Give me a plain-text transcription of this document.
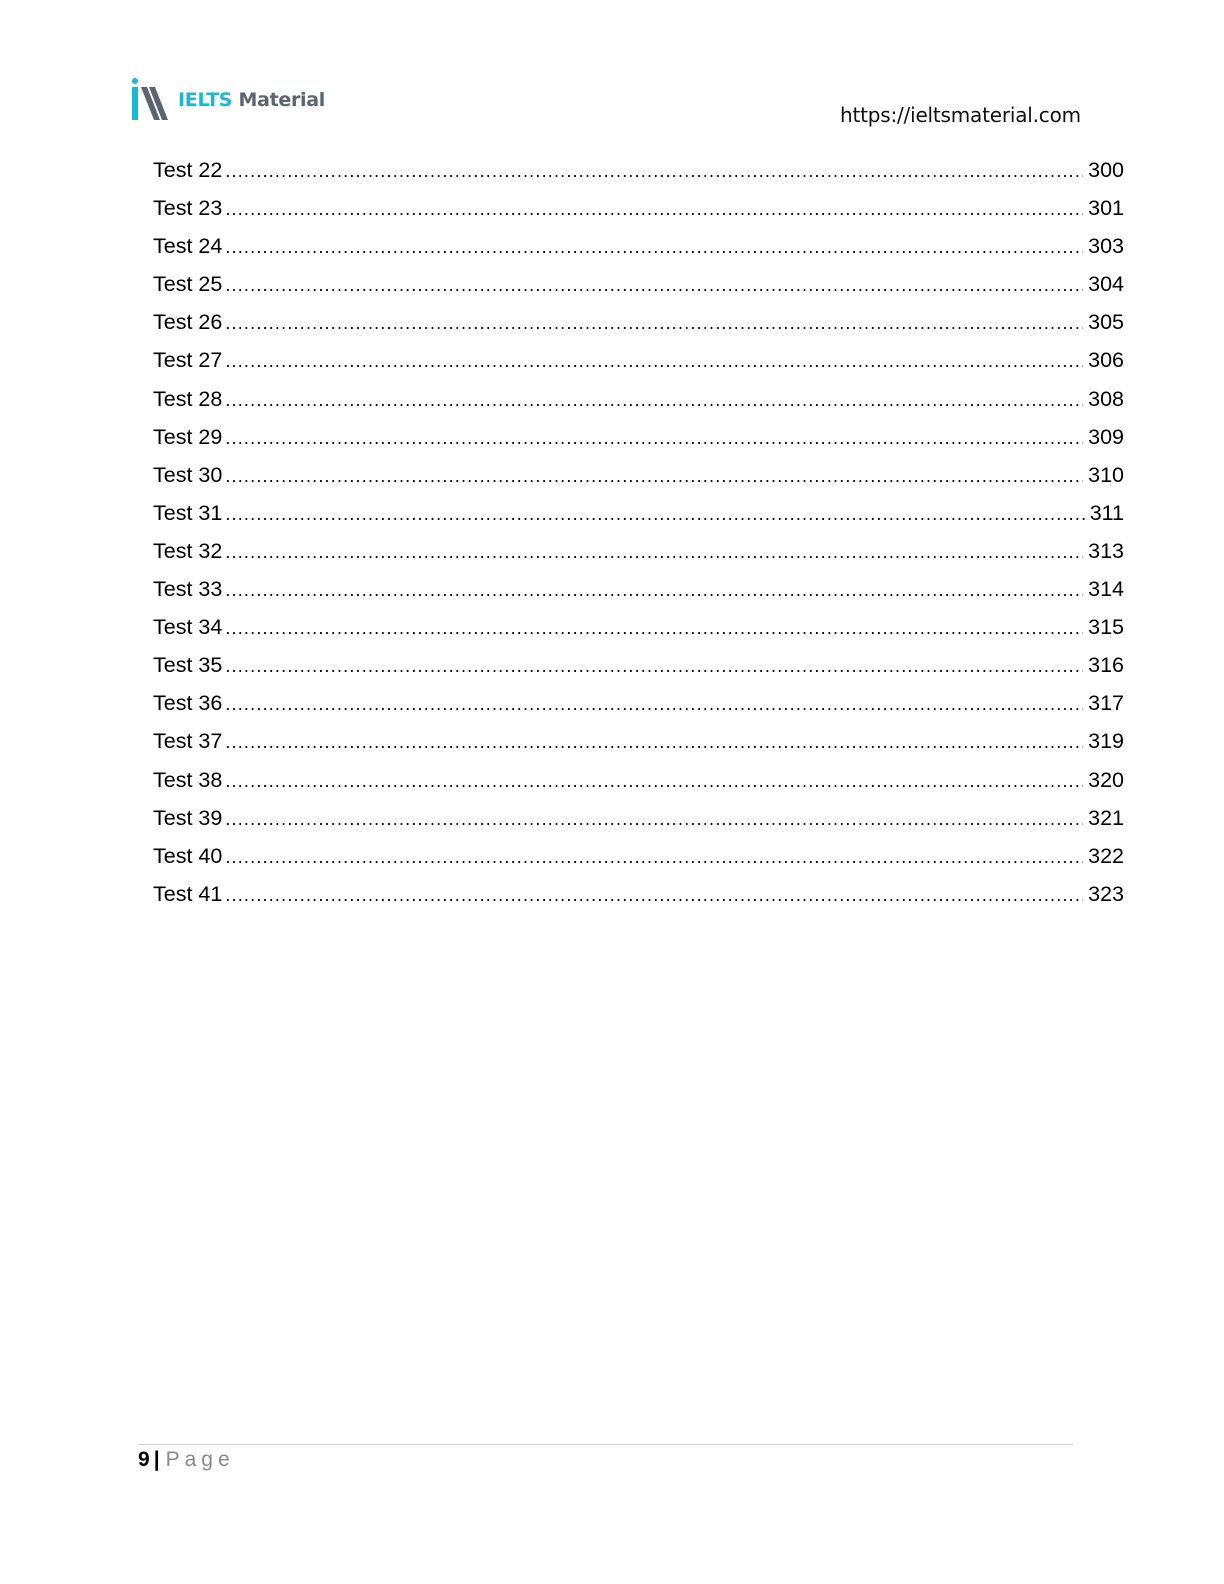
IELTS Material
https://ieltsmaterial.com
Test 22 .....	300
Test 23 .....	301
Test 24 .....	303
Test 25 .....	304
Test 26 .....	305
Test 27 .....	306
Test 28 .....	308
Test 29 .....	309
Test 30 .....	310
Test 31 .....	311
Test 32 .....	313
Test 33 .....	314
Test 34 .....	315
Test 35 .....	316
Test 36 .....	317
Test 37 .....	319
Test 38 .....	320
Test 39 .....	321
Test 40 .....	322
Test 41 .....	323
9 | Page
